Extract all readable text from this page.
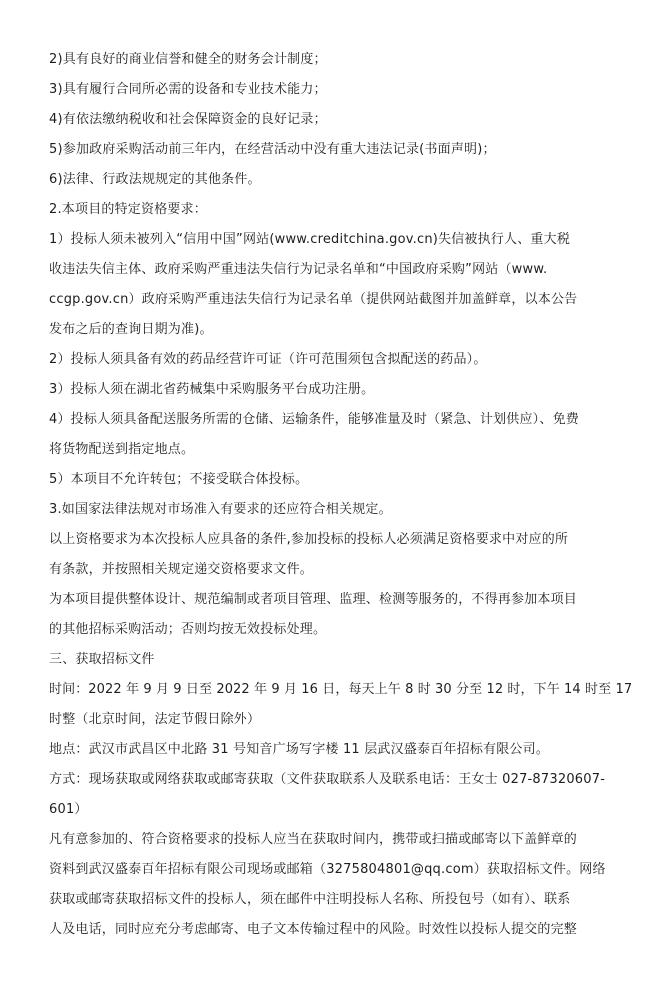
2)具有良好的商业信誉和健全的财务会计制度；
3)具有履行合同所必需的设备和专业技术能力；
4)有依法缴纳税收和社会保障资金的良好记录；
5)参加政府采购活动前三年内，在经营活动中没有重大违法记录(书面声明)；
6)法律、行政法规规定的其他条件。
2.本项目的特定资格要求：
1）投标人须未被列入“信用中国”网站(www.creditchina.gov.cn)失信被执行人、重大税
收违法失信主体、政府采购严重违法失信行为记录名单和“中国政府采购”网站（www.
ccgp.gov.cn）政府采购严重违法失信行为记录名单（提供网站截图并加盖鲜章，以本公告
发布之后的查询日期为准)。
2）投标人须具备有效的药品经营许可证（许可范围须包含拟配送的药品）。
3）投标人须在湖北省药械集中采购服务平台成功注册。
4）投标人须具备配送服务所需的仓储、运输条件，能够准量及时（紧急、计划供应）、免费
将货物配送到指定地点。
5）本项目不允许转包；不接受联合体投标。
3.如国家法律法规对市场准入有要求的还应符合相关规定。
以上资格要求为本次投标人应具备的条件,参加投标的投标人必须满足资格要求中对应的所
有条款，并按照相关规定递交资格要求文件。
为本项目提供整体设计、规范编制或者项目管理、监理、检测等服务的，不得再参加本项目
的其他招标采购活动；否则均按无效投标处理。
三、获取招标文件
时间：2022 年 9 月 9 日至 2022 年 9 月 16 日，每天上午 8 时 30 分至 12 时，下午 14 时至 17
时整（北京时间，法定节假日除外）
地点：武汉市武昌区中北路 31 号知音广场写字楼 11 层武汉盛泰百年招标有限公司。
方式：现场获取或网络获取或邮寄获取（文件获取联系人及联系电话：王女士 027-87320607-
601）
凡有意参加的、符合资格要求的投标人应当在获取时间内，携带或扫描或邮寄以下盖鲜章的
资料到武汉盛泰百年招标有限公司现场或邮箱（3275804801@qq.com）获取招标文件。网络
获取或邮寄获取招标文件的投标人，须在邮件中注明投标人名称、所投包号（如有）、联系
人及电话，同时应充分考虑邮寄、电子文本传输过程中的风险。时效性以投标人提交的完整
